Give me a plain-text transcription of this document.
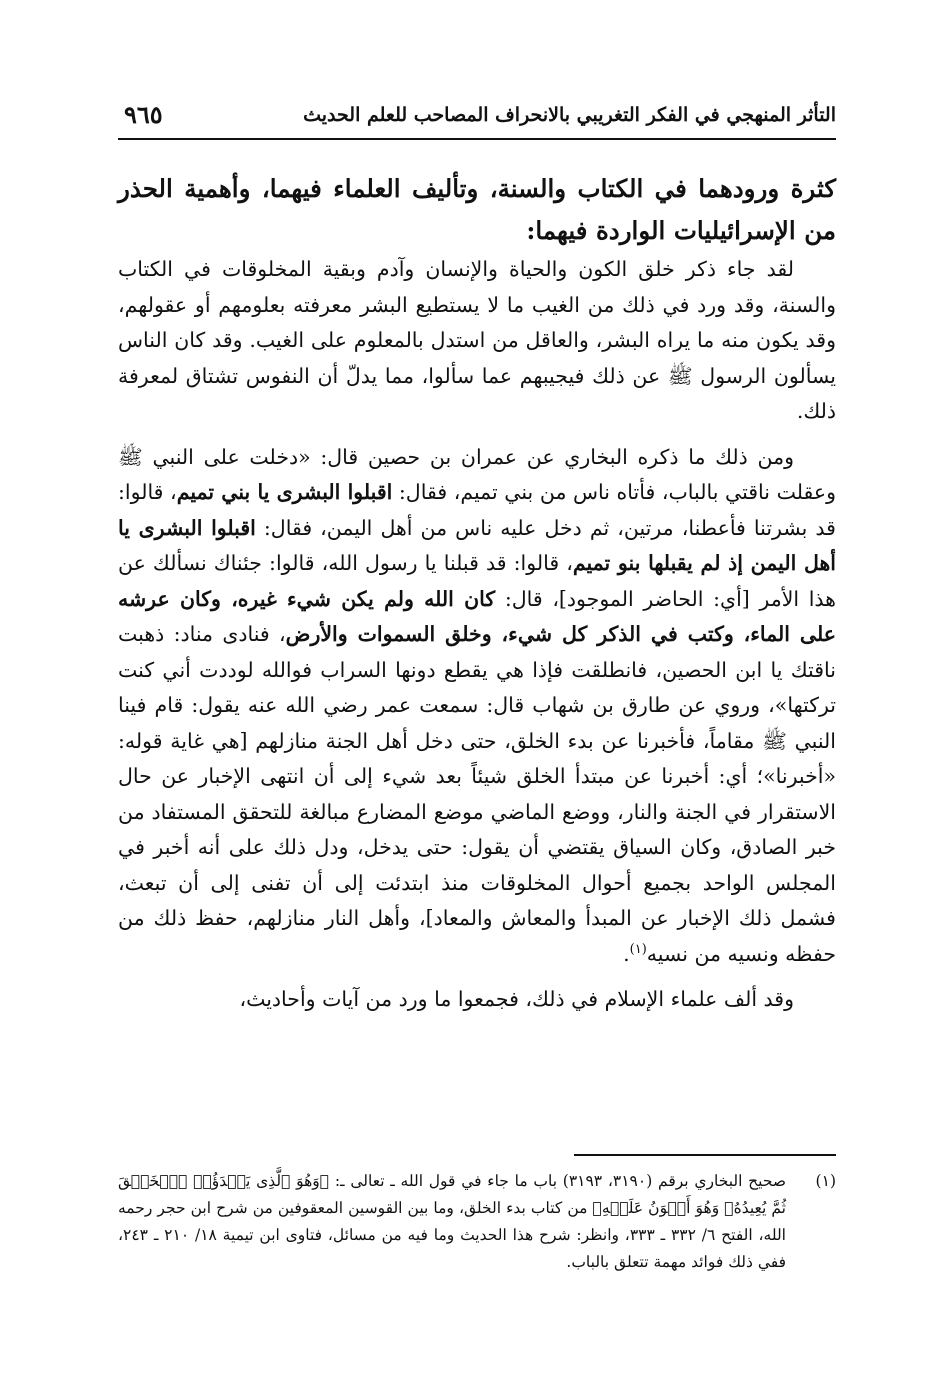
التأثر المنهجي في الفكر التغريبي بالانحراف المصاحب للعلم الحديث
٩٦٥
كثرة ورودهما في الكتاب والسنة، وتأليف العلماء فيهما، وأهمية الحذر من الإسرائيليات الواردة فيهما:

لقد جاء ذكر خلق الكون والحياة والإنسان وآدم وبقية المخلوقات في الكتاب والسنة، وقد ورد في ذلك من الغيب ما لا يستطيع البشر معرفته بعلومهم أو عقولهم، وقد يكون منه ما يراه البشر، والعاقل من استدل بالمعلوم على الغيب. وقد كان الناس يسألون الرسول ﷺ عن ذلك فيجيبهم عما سألوا، مما يدلّ أن النفوس تشتاق لمعرفة ذلك.

ومن ذلك ما ذكره البخاري عن عمران بن حصين قال: «دخلت على النبي ﷺ وعقلت ناقتي بالباب، فأتاه ناس من بني تميم، فقال: اقبلوا البشرى يا بني تميم، قالوا: قد بشرتنا فأعطنا، مرتين، ثم دخل عليه ناس من أهل اليمن، فقال: اقبلوا البشرى يا أهل اليمن إذ لم يقبلها بنو تميم، قالوا: قد قبلنا يا رسول الله، قالوا: جئناك نسألك عن هذا الأمر [أي: الحاضر الموجود]، قال: كان الله ولم يكن شيء غيره، وكان عرشه على الماء، وكتب في الذكر كل شيء، وخلق السموات والأرض، فنادى مناد: ذهبت ناقتك يا ابن الحصين، فانطلقت فإذا هي يقطع دونها السراب فوالله لوددت أني كنت تركتها»، وروي عن طارق بن شهاب قال: سمعت عمر رضي الله عنه يقول: قام فينا النبي ﷺ مقاماً، فأخبرنا عن بدء الخلق، حتى دخل أهل الجنة منازلهم [هي غاية قوله: «أخبرنا»؛ أي: أخبرنا عن مبتدأ الخلق شيئاً بعد شيء إلى أن انتهى الإخبار عن حال الاستقرار في الجنة والنار، ووضع الماضي موضع المضارع مبالغة للتحقق المستفاد من خبر الصادق، وكان السياق يقتضي أن يقول: حتى يدخل، ودل ذلك على أنه أخبر في المجلس الواحد بجميع أحوال المخلوقات منذ ابتدئت إلى أن تفنى إلى أن تبعث، فشمل ذلك الإخبار عن المبدأ والمعاش والمعاد]، وأهل النار منازلهم، حفظ ذلك من حفظه ونسيه من نسيه$^{(١)}$.

وقد ألف علماء الإسلام في ذلك، فجمعوا ما ورد من آيات وأحاديث،

(١)
صحيح البخاري برقم (٣١٩٠، ٣١٩٣) باب ما جاء في قول الله ـ تعالى ـ: ﴿وَهُوَ ٱلَّذِى يَبۡدَؤُا۟ ٱلۡخَلۡقَ ثُمَّ يُعِيدُهُۥ وَهُوَ أَهۡوَنُ عَلَيۡهِ﴾ من كتاب بدء الخلق، وما بين القوسين المعقوفين من شرح ابن حجر رحمه الله، الفتح ٦/ ٣٣٢ ـ ٣٣٣، وانظر: شرح هذا الحديث وما فيه من مسائل، فتاوى ابن تيمية ١٨/ ٢١٠ ـ ٢٤٣، ففي ذلك فوائد مهمة تتعلق بالباب.
